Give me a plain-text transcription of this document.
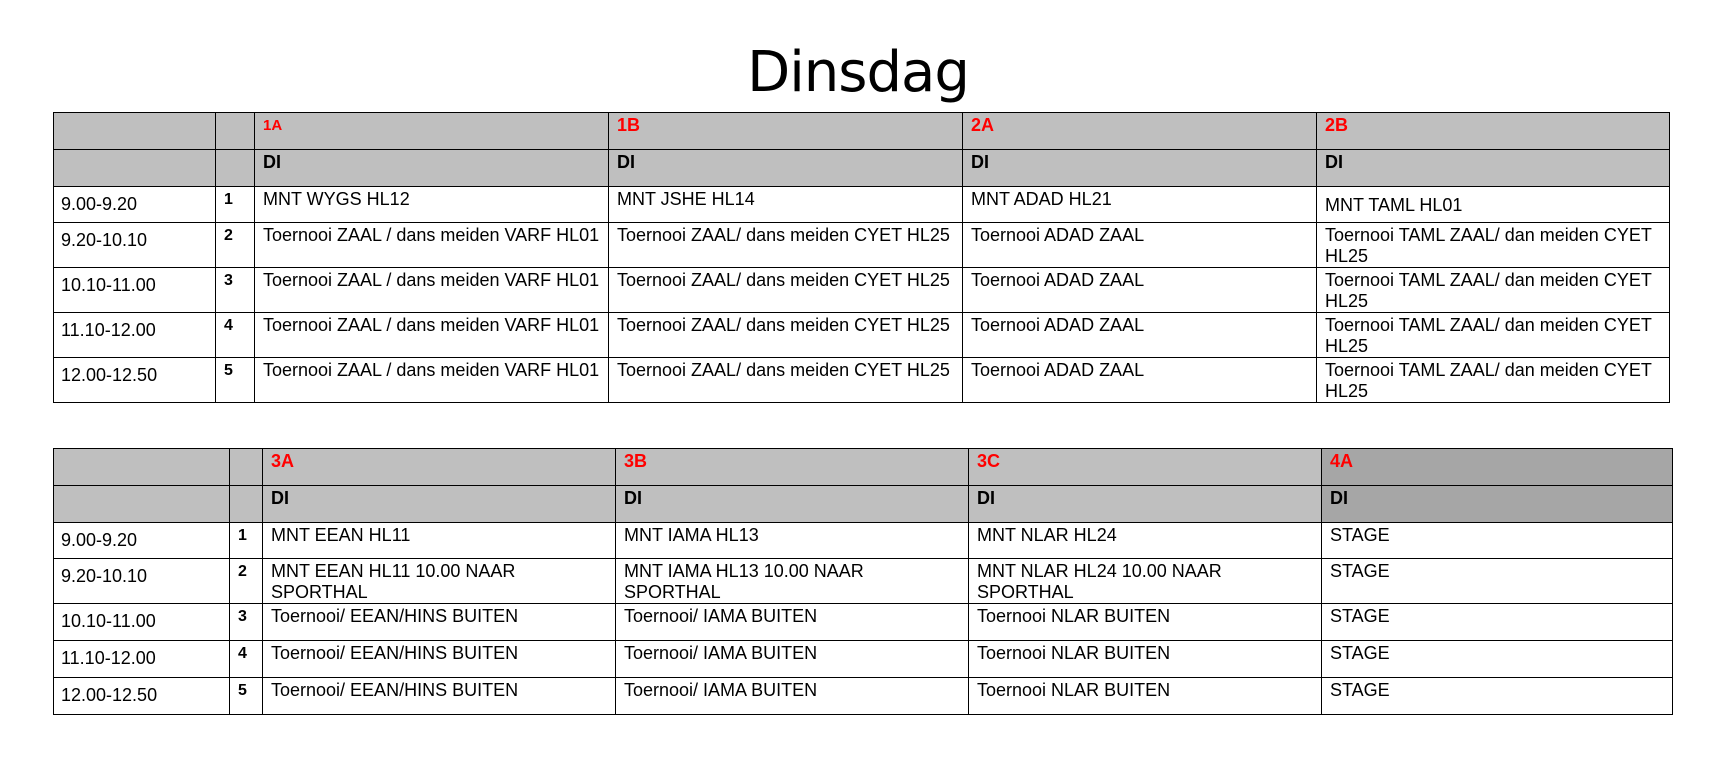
Dinsdag
		1A	1B	2A	2B
		DI	DI	DI	DI
9.00-9.20	1	MNT WYGS HL12	MNT JSHE HL14	MNT ADAD HL21	MNT TAML HL01
9.20-10.10	2	Toernooi ZAAL / dans meiden VARF HL01	Toernooi ZAAL/ dans meiden CYET HL25	Toernooi ADAD ZAAL	Toernooi TAML ZAAL/ dan meiden CYET HL25
10.10-11.00	3	Toernooi ZAAL / dans meiden VARF HL01	Toernooi ZAAL/ dans meiden CYET HL25	Toernooi ADAD ZAAL	Toernooi TAML ZAAL/ dan meiden CYET HL25
11.10-12.00	4	Toernooi ZAAL / dans meiden VARF HL01	Toernooi ZAAL/ dans meiden CYET HL25	Toernooi ADAD ZAAL	Toernooi TAML ZAAL/ dan meiden CYET HL25
12.00-12.50	5	Toernooi ZAAL / dans meiden VARF HL01	Toernooi ZAAL/ dans meiden CYET HL25	Toernooi ADAD ZAAL	Toernooi TAML ZAAL/ dan meiden CYET HL25
		3A	3B	3C	4A
		DI	DI	DI	DI
9.00-9.20	1	MNT EEAN HL11	MNT IAMA HL13	MNT NLAR HL24	STAGE
9.20-10.10	2	MNT EEAN HL11 10.00 NAAR SPORTHAL	MNT IAMA HL13 10.00 NAAR SPORTHAL	MNT NLAR HL24 10.00 NAAR SPORTHAL	STAGE
10.10-11.00	3	Toernooi/ EEAN/HINS BUITEN	Toernooi/ IAMA BUITEN	Toernooi NLAR BUITEN	STAGE
11.10-12.00	4	Toernooi/ EEAN/HINS BUITEN	Toernooi/ IAMA BUITEN	Toernooi NLAR BUITEN	STAGE
12.00-12.50	5	Toernooi/ EEAN/HINS BUITEN	Toernooi/ IAMA BUITEN	Toernooi NLAR BUITEN	STAGE
